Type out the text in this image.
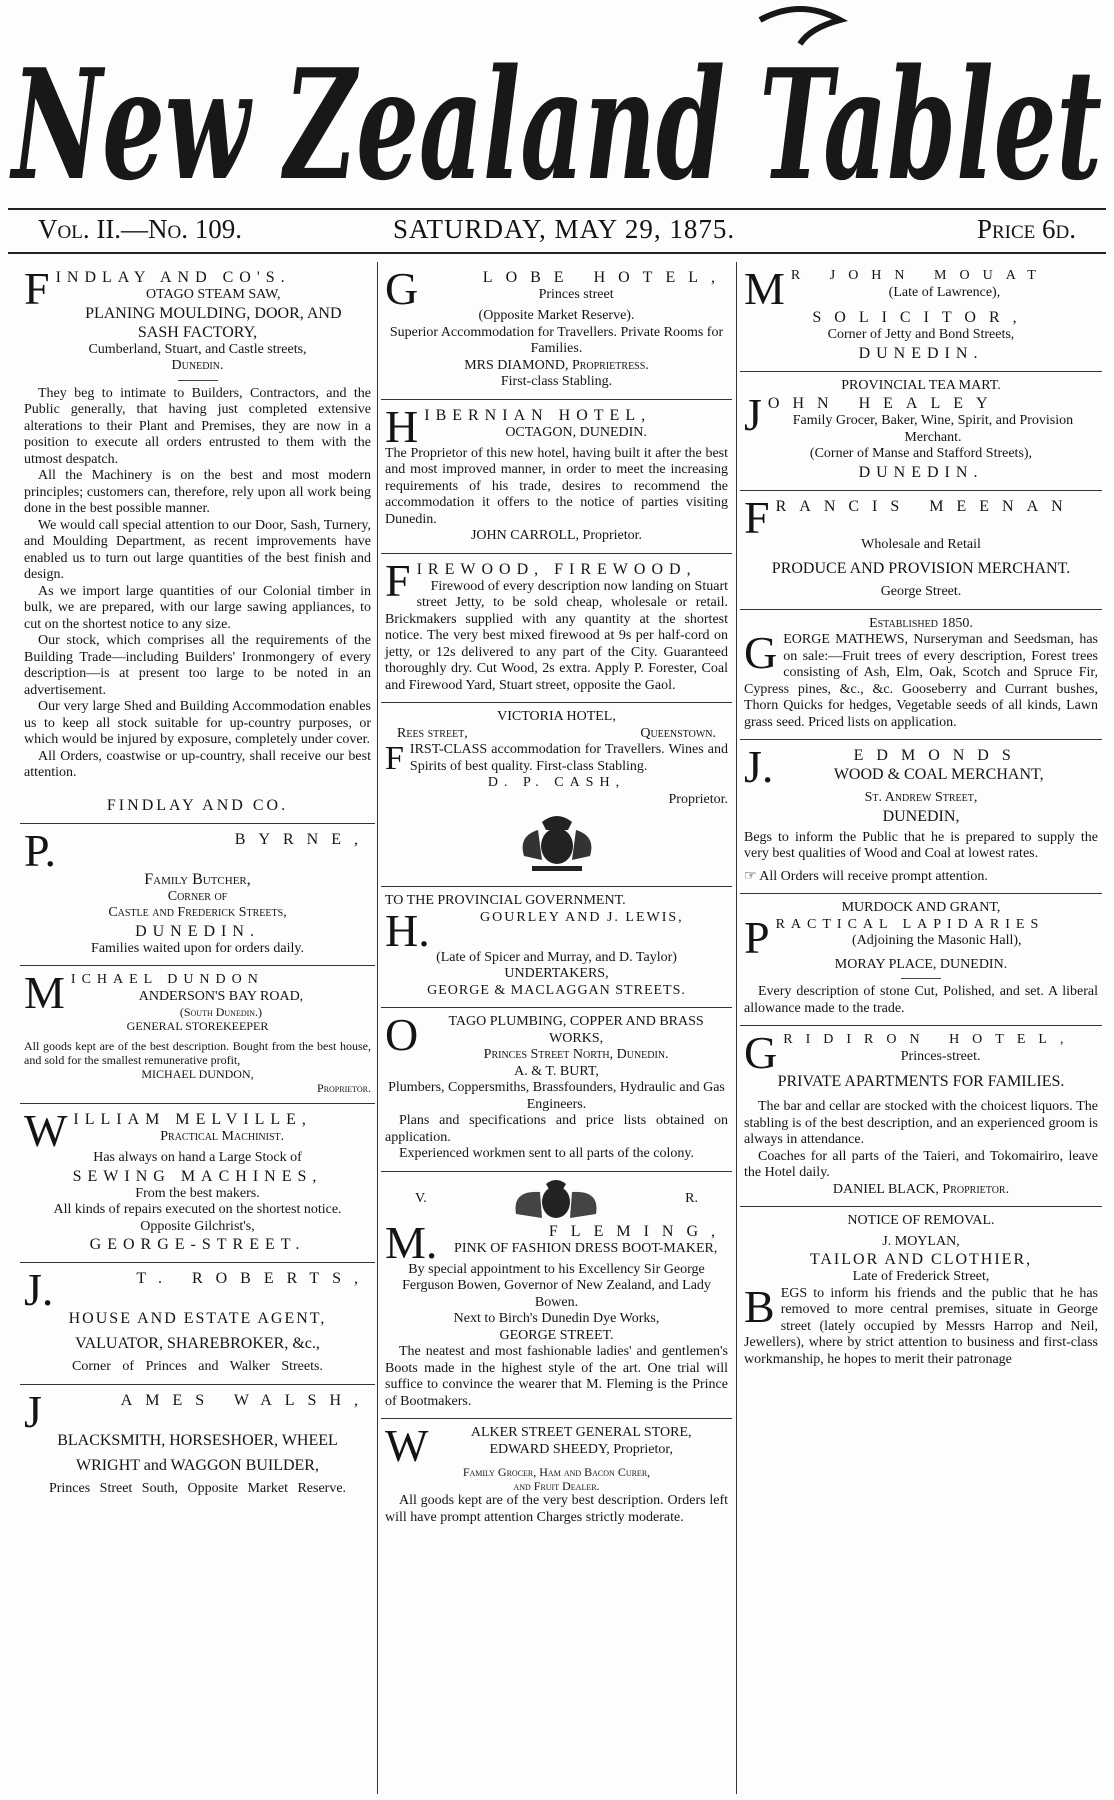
New Zealand Tablet
Vol. II.—No. 109.	SATURDAY, MAY 29, 1875.	Price 6d.
F INDLAY AND CO'S.

OTAGO STEAM SAW,

PLANING MOULDING, DOOR, AND

SASH FACTORY,

Cumberland, Stuart, and Castle streets,

Dunedin.

They beg to intimate to Builders, Contractors, and the Public generally, that having just completed extensive alterations to their Plant and Premises, they are now in a position to execute all orders entrusted to them with the utmost despatch.

All the Machinery is on the best and most modern principles; customers can, therefore, rely upon all work being done in the best possible manner.

We would call special attention to our Door, Sash, Turnery, and Moulding Department, as recent improvements have enabled us to turn out large quantities of the best finish and design.

As we import large quantities of our Colonial timber in bulk, we are prepared, with our large sawing appliances, to cut on the shortest notice to any size.

Our stock, which comprises all the requirements of the Building Trade—including Builders' Ironmongery of every description—is at present too large to be noted in an advertisement.

Our very large Shed and Building Accommodation enables us to keep all stock suitable for up-country purposes, or which would be injured by exposure, completely under cover.

All Orders, coastwise or up-country, shall receive our best attention.

FINDLAY AND CO.

P.	BYRNE,

Family Butcher,

Corner of

Castle and Frederick Streets,

DUNEDIN.

Families waited upon for orders daily.

M ICHAEL DUNDON

ANDERSON'S BAY ROAD,

(South Dunedin.)

GENERAL STOREKEEPER

All goods kept are of the best description. Bought from the best house, and sold for the smallest remunerative profit,

MICHAEL DUNDON,

Proprietor.

W ILLIAM MELVILLE,

Practical Machinist.

Has always on hand a Large Stock of

SEWING MACHINES,

From the best makers.

All kinds of repairs executed on the shortest notice.

Opposite Gilchrist's,

GEORGE-STREET.

J.	T. ROBERTS,

HOUSE AND ESTATE AGENT,

VALUATOR, SHAREBROKER, &c.,

Corner of Princes and Walker Streets.

J	AMES WALSH,

BLACKSMITH, HORSESHOER, WHEEL

WRIGHT and WAGGON BUILDER,

Princes Street South, Opposite Market Reserve.

G	LOBE HOTEL,

Princes street

(Opposite Market Reserve).

Superior Accommodation for Travellers. Private Rooms for Families.

MRS DIAMOND, Proprietress.

First-class Stabling.

H IBERNIAN HOTEL,

OCTAGON, DUNEDIN.

The Proprietor of this new hotel, having built it after the best and most improved manner, in order to meet the increasing requirements of his trade, desires to recommend the accommodation it offers to the notice of parties visiting Dunedin.

JOHN CARROLL, Proprietor.

F IREWOOD, FIREWOOD,

Firewood of every description now landing on Stuart street Jetty, to be sold cheap, wholesale or retail. Brickmakers supplied with any quantity at the shortest notice. The very best mixed firewood at 9s per half-cord on jetty, or 12s delivered to any part of the City. Guaranteed thoroughly dry. Cut Wood, 2s extra. Apply P. Forester, Coal and Firewood Yard, Stuart street, opposite the Gaol.

VICTORIA HOTEL,

Rees street,	Queenstown.
F IRST-CLASS accommodation for Travellers. Wines and Spirits of best quality. First-class Stabling.

D. P. CASH,

Proprietor.

TO THE PROVINCIAL GOVERNMENT.

H.	GOURLEY AND J. LEWIS,

(Late of Spicer and Murray, and D. Taylor)

UNDERTAKERS,

GEORGE & MACLAGGAN STREETS.

O	TAGO PLUMBING, COPPER AND BRASS WORKS,

Princes Street North, Dunedin.

A. & T. BURT,

Plumbers, Coppersmiths, Brassfounders, Hydraulic and Gas Engineers.

Plans and specifications and price lists obtained on application.

Experienced workmen sent to all parts of the colony.

V.	R.
M.	FLEMING,

PINK OF FASHION DRESS BOOT-MAKER,

By special appointment to his Excellency Sir George Ferguson Bowen, Governor of New Zealand, and Lady Bowen.

Next to Birch's Dunedin Dye Works,

GEORGE STREET.

The neatest and most fashionable ladies' and gentlemen's Boots made in the highest style of the art. One trial will suffice to convince the wearer that M. Fleming is the Prince of Bootmakers.

W	ALKER STREET GENERAL STORE,

EDWARD SHEEDY, Proprietor,

Family Grocer, Ham and Bacon Curer,

and Fruit Dealer.

All goods kept are of the very best description. Orders left will have prompt attention Charges strictly moderate.

M R JOHN MOUAT

(Late of Lawrence),

SOLICITOR,

Corner of Jetty and Bond Streets,

DUNEDIN.

PROVINCIAL TEA MART.

J OHN HEALEY

Family Grocer, Baker, Wine, Spirit, and Provision Merchant.

(Corner of Manse and Stafford Streets),

DUNEDIN.

F RANCIS MEENAN

Wholesale and Retail

PRODUCE AND PROVISION MERCHANT.

George Street.

Established 1850.

G EORGE MATHEWS, Nurseryman and Seedsman, has on sale:—Fruit trees of every description, Forest trees consisting of Ash, Elm, Oak, Scotch and Spruce Fir, Cypress pines, &c., &c. Gooseberry and Currant bushes, Thorn Quicks for hedges, Vegetable seeds of all kinds, Lawn grass seed. Priced lists on application.

J.	EDMONDS

WOOD & COAL MERCHANT,

St. Andrew Street,

DUNEDIN,

Begs to inform the Public that he is prepared to supply the very best qualities of Wood and Coal at lowest rates.

☞ All Orders will receive prompt attention.

MURDOCK AND GRANT,

P RACTICAL LAPIDARIES

(Adjoining the Masonic Hall),

MORAY PLACE, DUNEDIN.

Every description of stone Cut, Polished, and set. A liberal allowance made to the trade.

G RIDIRON HOTEL,

Princes-street.

PRIVATE APARTMENTS FOR FAMILIES.

The bar and cellar are stocked with the choicest liquors. The stabling is of the best description, and an experienced groom is always in attendance.

Coaches for all parts of the Taieri, and Tokomairiro, leave the Hotel daily.

DANIEL BLACK, Proprietor.

NOTICE OF REMOVAL.

J. MOYLAN,

TAILOR AND CLOTHIER,

Late of Frederick Street,

B EGS to inform his friends and the public that he has removed to more central premises, situate in George street (lately occupied by Messrs Harrop and Neil, Jewellers), where by strict attention to business and first-class workmanship, he hopes to merit their patronage
